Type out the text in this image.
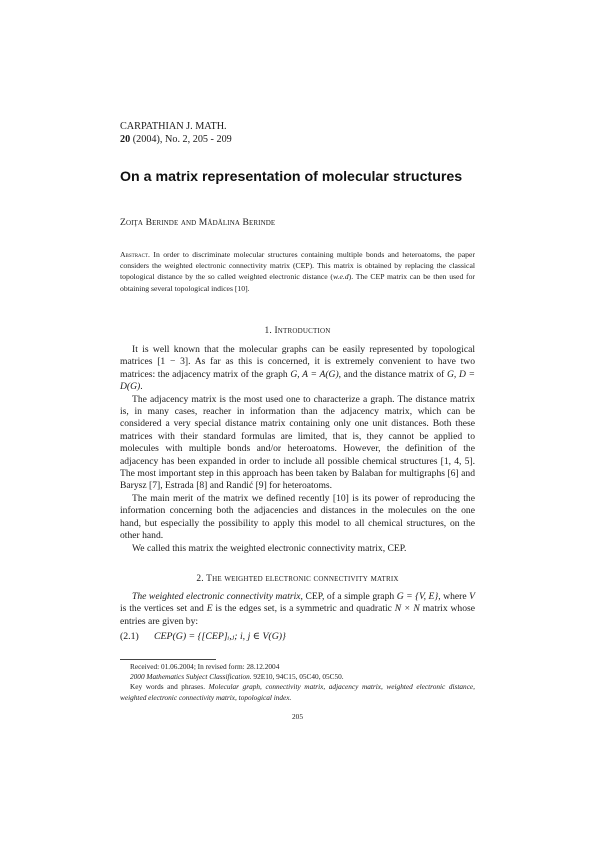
CARPATHIAN J. MATH.
20 (2004), No. 2, 205 - 209
On a matrix representation of molecular structures
Zoiţa Berinde and Mădălina Berinde
Abstract. In order to discriminate molecular structures containing multiple bonds and heteroatoms, the paper considers the weighted electronic connectivity matrix (CEP). This matrix is obtained by replacing the classical topological distance by the so called weighted electronic distance (w.e.d). The CEP matrix can be then used for obtaining several topological indices [10].
1. Introduction
It is well known that the molecular graphs can be easily represented by topological matrices [1 − 3]. As far as this is concerned, it is extremely convenient to have two matrices: the adjacency matrix of the graph G, A = A(G), and the distance matrix of G, D = D(G).
The adjacency matrix is the most used one to characterize a graph. The distance matrix is, in many cases, reacher in information than the adjacency matrix, which can be considered a very special distance matrix containing only one unit distances. Both these matrices with their standard formulas are limited, that is, they cannot be applied to molecules with multiple bonds and/or heteroatoms. However, the definition of the adjacency has been expanded in order to include all possible chemical structures [1, 4, 5]. The most important step in this approach has been taken by Balaban for multigraphs [6] and Barysz [7], Estrada [8] and Randić [9] for heteroatoms.
The main merit of the matrix we defined recently [10] is its power of reproducing the information concerning both the adjacencies and distances in the molecules on the one hand, but especially the possibility to apply this model to all chemical structures, on the other hand.
We called this matrix the weighted electronic connectivity matrix, CEP.
2. The weighted electronic connectivity matrix
The weighted electronic connectivity matrix, CEP, of a simple graph G = {V, E}, where V is the vertices set and E is the edges set, is a symmetric and quadratic N × N matrix whose entries are given by:
(2.1) CEP(G) = {[CEP]ᵢ,ⱼ; i, j ∈ V(G)}
Received: 01.06.2004; In revised form: 28.12.2004
2000 Mathematics Subject Classification. 92E10, 94C15, 05C40, 05C50.
Key words and phrases. Molecular graph, connectivity matrix, adjacency matrix, weighted electronic distance, weighted electronic connectivity matrix, topological index.
205
